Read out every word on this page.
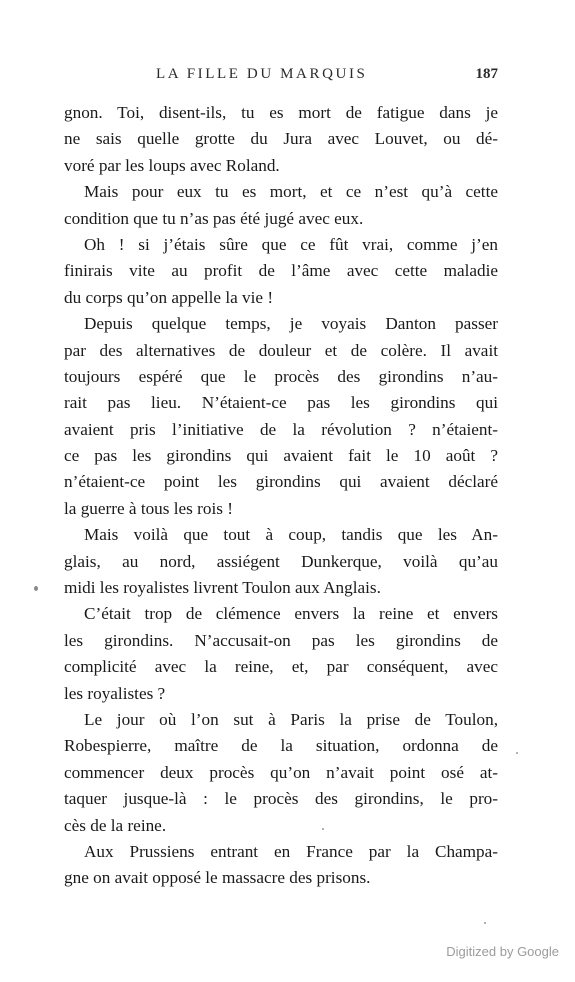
LA FILLE DU MARQUIS	187
gnon. Toi, disent-ils, tu es mort de fatigue dans je
ne sais quelle grotte du Jura avec Louvet, ou dé-
voré par les loups avec Roland.
Mais pour eux tu es mort, et ce n’est qu’à cette
condition que tu n’as pas été jugé avec eux.
Oh ! si j’étais sûre que ce fût vrai, comme j’en
finirais vite au profit de l’âme avec cette maladie
du corps qu’on appelle la vie !
Depuis quelque temps, je voyais Danton passer
par des alternatives de douleur et de colère. Il avait
toujours espéré que le procès des girondins n’au-
rait pas lieu. N’étaient-ce pas les girondins qui
avaient pris l’initiative de la révolution ? n’étaient-
ce pas les girondins qui avaient fait le 10 août ?
n’étaient-ce point les girondins qui avaient déclaré
la guerre à tous les rois !
Mais voilà que tout à coup, tandis que les An-
glais, au nord, assiégent Dunkerque, voilà qu’au
midi les royalistes livrent Toulon aux Anglais.
C’était trop de clémence envers la reine et envers
les girondins. N’accusait-on pas les girondins de
complicité avec la reine, et, par conséquent, avec
les royalistes ?
Le jour où l’on sut à Paris la prise de Toulon,
Robespierre, maître de la situation, ordonna de
commencer deux procès qu’on n’avait point osé at-
taquer jusque-là : le procès des girondins, le pro-
cès de la reine.
Aux Prussiens entrant en France par la Champa-
gne on avait opposé le massacre des prisons.
Digitized by Google
